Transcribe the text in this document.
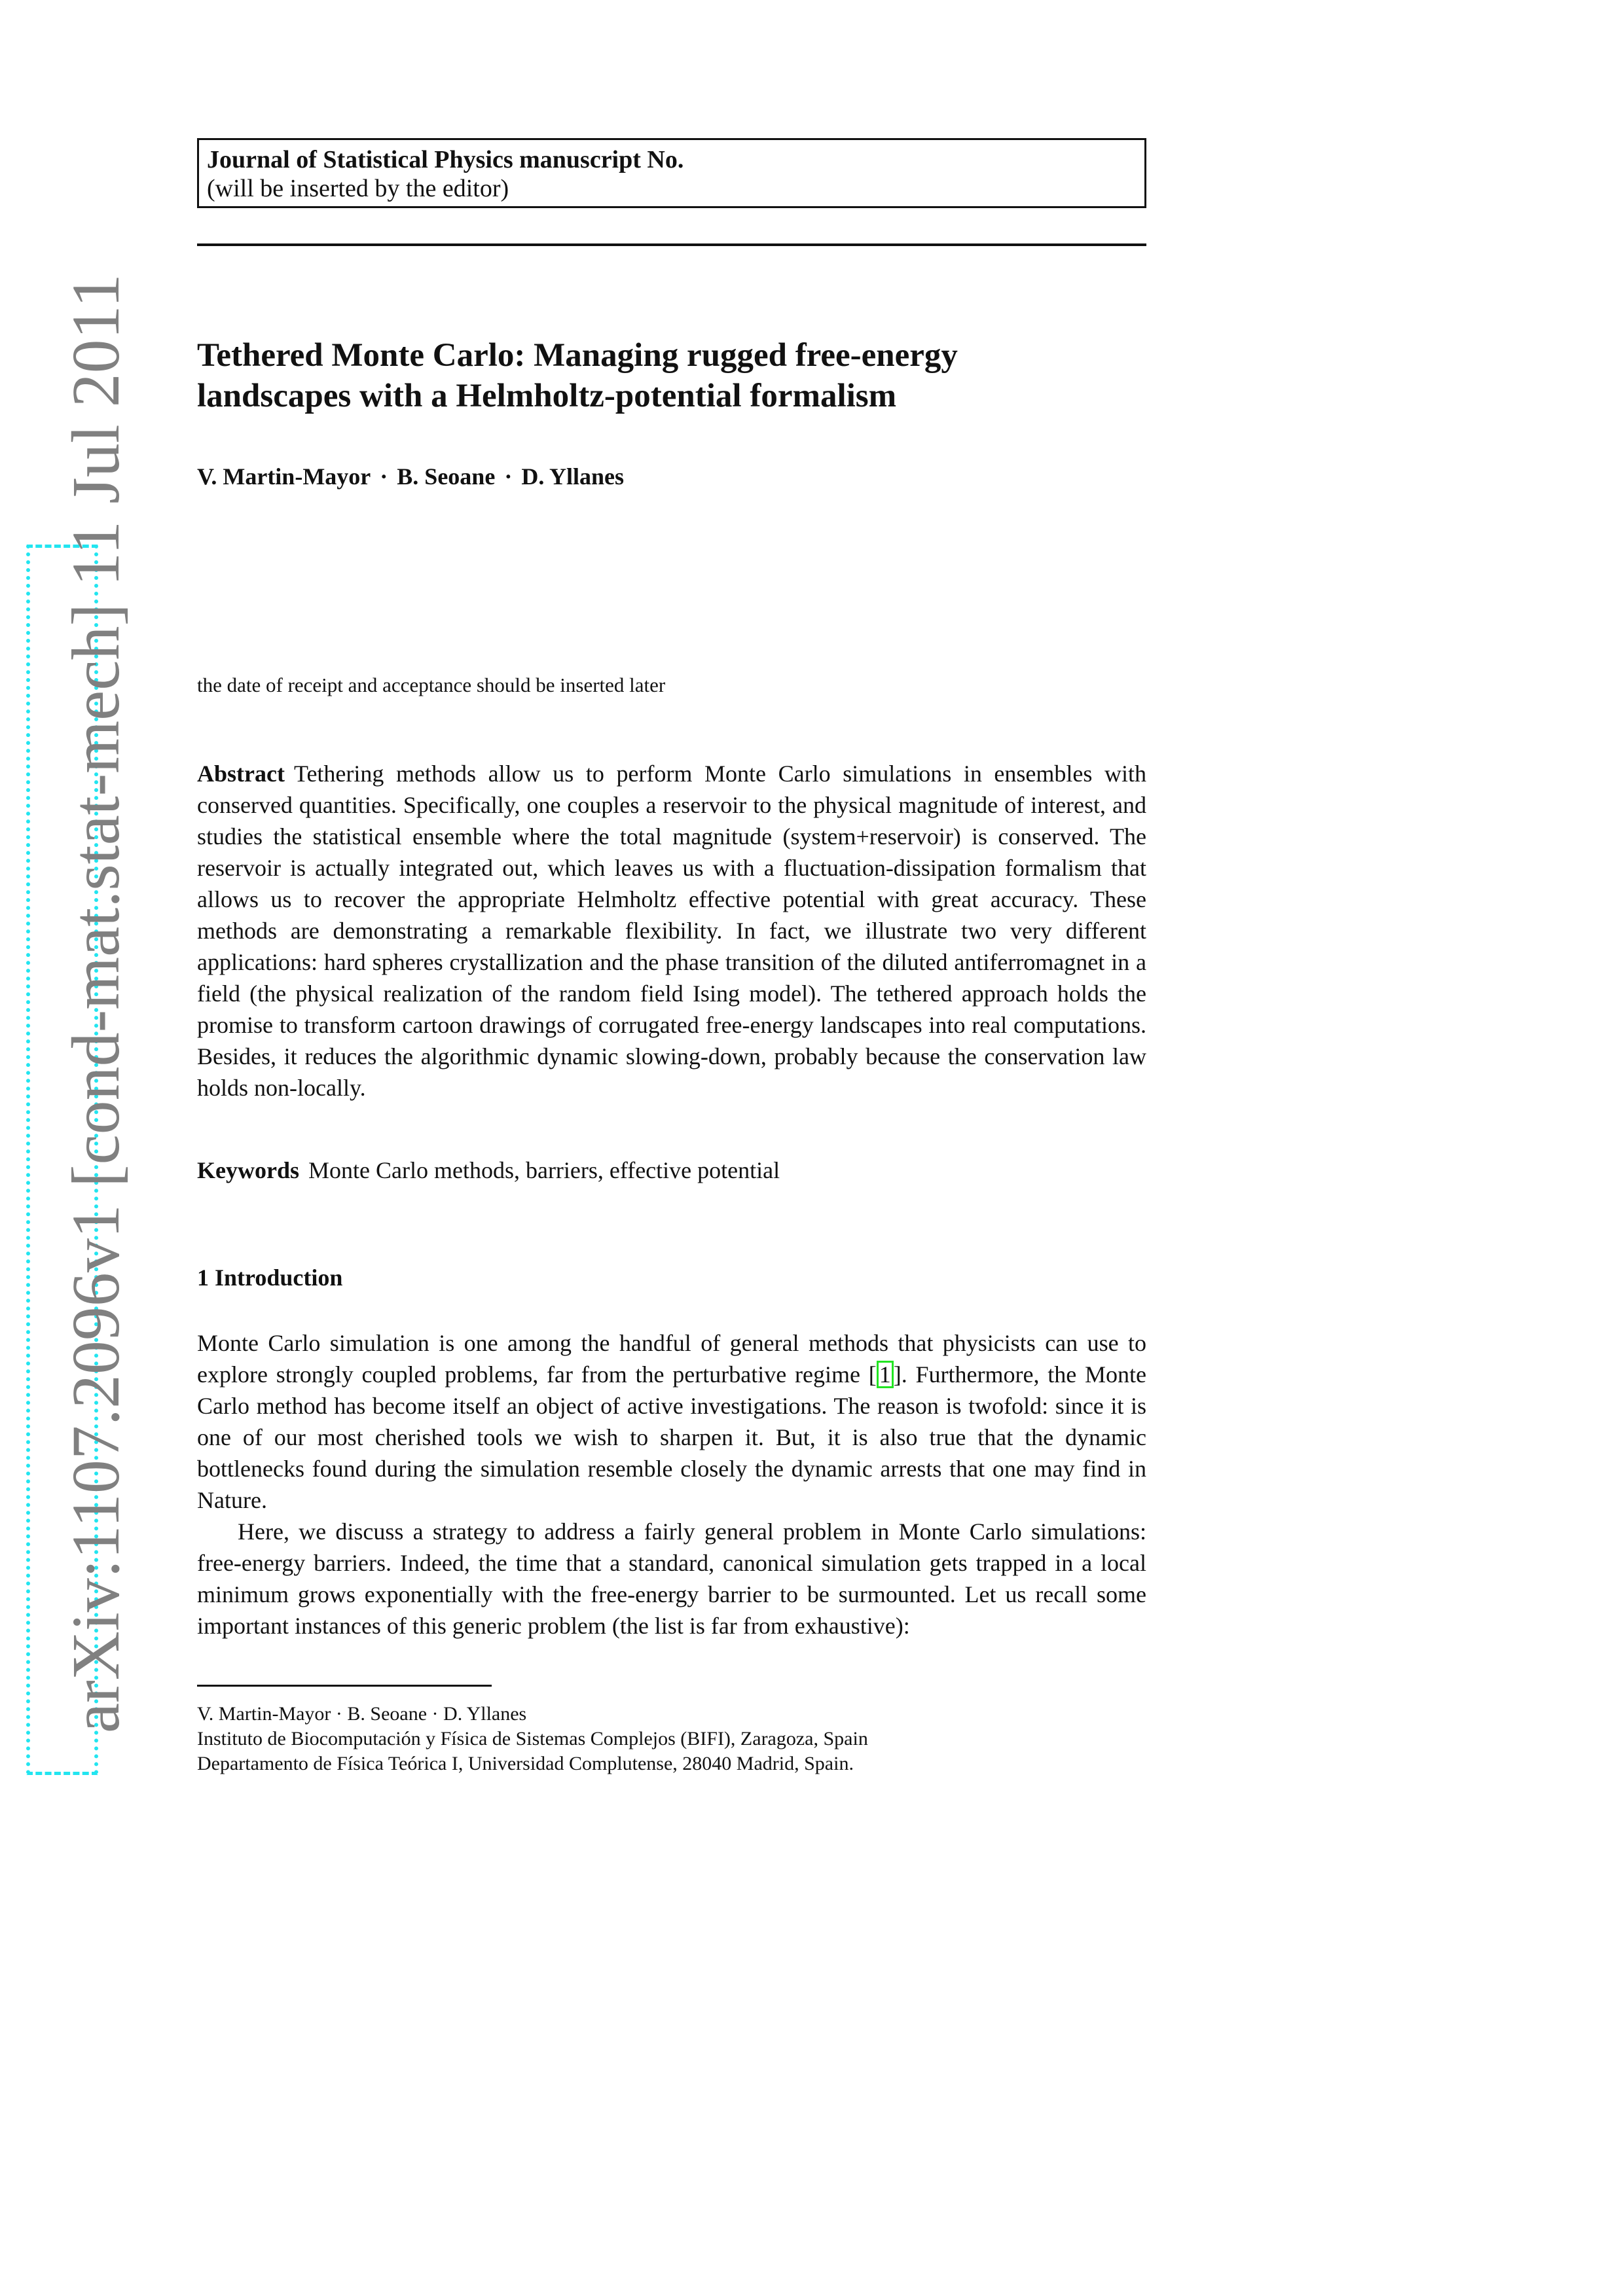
arXiv:1107.2096v1 [cond-mat.stat-mech] 11 Jul 2011
Journal of Statistical Physics manuscript No.
(will be inserted by the editor)
Tethered Monte Carlo: Managing rugged free-energy
landscapes with a Helmholtz-potential formalism
V. Martin-Mayor · B. Seoane · D. Yllanes
the date of receipt and acceptance should be inserted later

Abstract Tethering methods allow us to perform Monte Carlo simulations in ensembles with conserved quantities. Specifically, one couples a reservoir to the physical magnitude of interest, and studies the statistical ensemble where the total magnitude (system+reservoir) is conserved. The reservoir is actually integrated out, which leaves us with a fluctuation-dissipation formalism that allows us to recover the appropriate Helmholtz effective potential with great accuracy. These methods are demonstrating a remarkable flexibility. In fact, we illustrate two very different applications: hard spheres crystallization and the phase transition of the diluted antiferromagnet in a field (the physical realization of the random field Ising model). The tethered approach holds the promise to transform cartoon drawings of corrugated free-energy landscapes into real computations. Besides, it reduces the algorithmic dynamic slowing-down, probably because the conservation law holds non-locally.

Keywords Monte Carlo methods, barriers, effective potential

1 Introduction

Monte Carlo simulation is one among the handful of general methods that physicists can use to explore strongly coupled problems, far from the perturbative regime [ 1 ]. Furthermore, the Monte Carlo method has become itself an object of active investigations. The reason is twofold: since it is one of our most cherished tools we wish to sharpen it. But, it is also true that the dynamic bottlenecks found during the simulation resemble closely the dynamic arrests that one may find in Nature.

Here, we discuss a strategy to address a fairly general problem in Monte Carlo simulations: free-energy barriers. Indeed, the time that a standard, canonical simulation gets trapped in a local minimum grows exponentially with the free-energy barrier to be surmounted. Let us recall some important instances of this generic problem (the list is far from exhaustive):

V. Martin-Mayor · B. Seoane · D. Yllanes
Instituto de Biocomputación y Física de Sistemas Complejos (BIFI), Zaragoza, Spain
Departamento de Física Teórica I, Universidad Complutense, 28040 Madrid, Spain.
